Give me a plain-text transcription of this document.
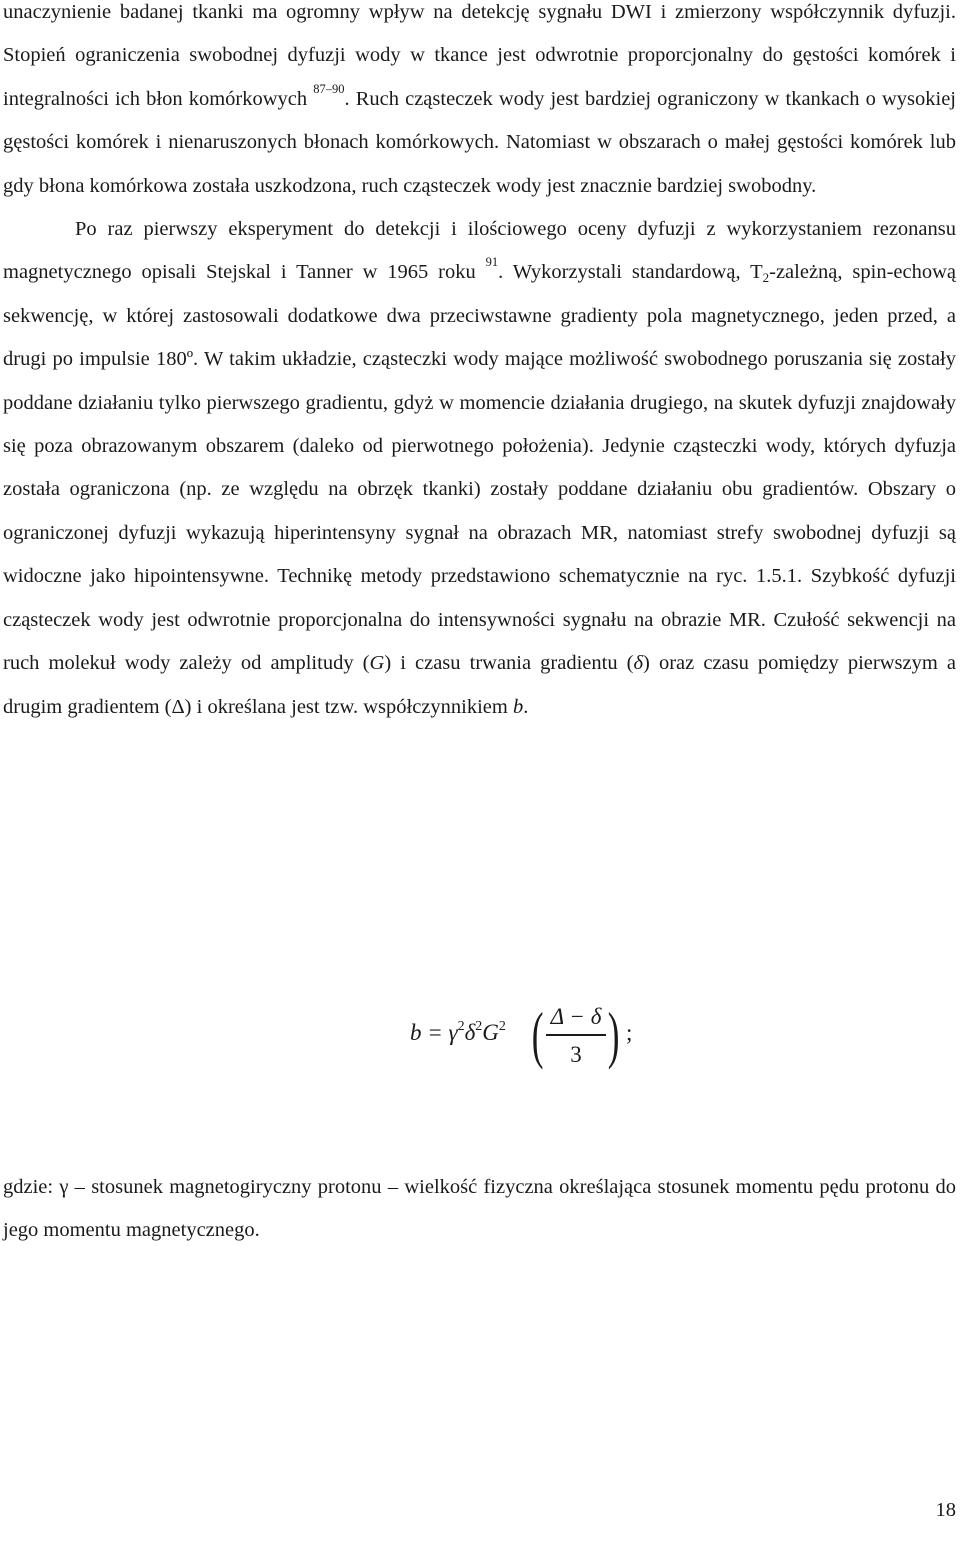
unaczynienie badanej tkanki ma ogromny wpływ na detekcję sygnału DWI i zmierzony współczynnik dyfuzji. Stopień ograniczenia swobodnej dyfuzji wody w tkance jest odwrotnie proporcjonalny do gęstości komórek i integralności ich błon komórkowych $^{87-90}$. Ruch cząsteczek wody jest bardziej ograniczony w tkankach o wysokiej gęstości komórek i nienaruszonych błonach komórkowych. Natomiast w obszarach o małej gęstości komórek lub gdy błona komórkowa została uszkodzona, ruch cząsteczek wody jest znacznie bardziej swobodny.

Po raz pierwszy eksperyment do detekcji i ilościowego oceny dyfuzji z wykorzystaniem rezonansu magnetycznego opisali Stejskal i Tanner w 1965 roku $^{91}$. Wykorzystali standardową, $T_2$-zależną, spin-echową sekwencję, w której zastosowali dodatkowe dwa przeciwstawne gradienty pola magnetycznego, jeden przed, a drugi po impulsie 180º. W takim układzie, cząsteczki wody mające możliwość swobodnego poruszania się zostały poddane działaniu tylko pierwszego gradientu, gdyż w momencie działania drugiego, na skutek dyfuzji znajdowały się poza obrazowanym obszarem (daleko od pierwotnego położenia). Jedynie cząsteczki wody, których dyfuzja została ograniczona (np. ze względu na obrzęk tkanki) zostały poddane działaniu obu gradientów. Obszary o ograniczonej dyfuzji wykazują hiperintensyny sygnał na obrazach MR, natomiast strefy swobodnej dyfuzji są widoczne jako hipointensywne. Technikę metody przedstawiono schematycznie na ryc. 1.5.1. Szybkość dyfuzji cząsteczek wody jest odwrotnie proporcjonalna do intensywności sygnału na obrazie MR. Czułość sekwencji na ruch molekuł wody zależy od amplitudy (G) i czasu trwania gradientu (δ) oraz czasu pomiędzy pierwszym a drugim gradientem (Δ) i określana jest tzw. współczynnikiem b.

$b = \gamma^2\delta^2G^2$ ( Δ − δ
3 ) ;

gdzie: γ – stosunek magnetogiryczny protonu – wielkość fizyczna określająca stosunek momentu pędu protonu do jego momentu magnetycznego.

18
